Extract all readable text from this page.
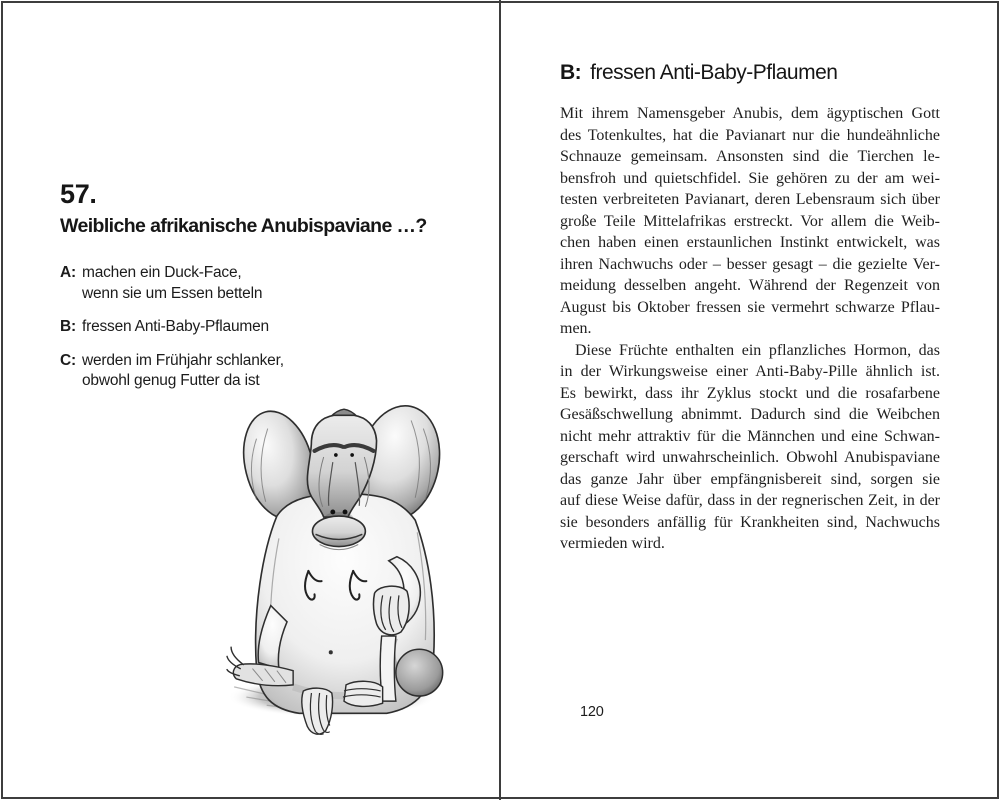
57.
Weibliche afrikanische Anubispaviane …?
A: machen ein Duck-Face,
wenn sie um Essen betteln
B: fressen Anti-Baby-Pflaumen
C: werden im Frühjahr schlanker,
obwohl genug Futter da ist
B: fressen Anti-Baby-Pflaumen
Mit ihrem Namensgeber Anubis, dem ägyptischen Gott
des Totenkultes, hat die Pavianart nur die hundeähnliche
Schnauze gemeinsam. Ansonsten sind die Tierchen le-
bensfroh und quietschfidel. Sie gehören zu der am wei-
testen verbreiteten Pavianart, deren Lebensraum sich über
große Teile Mittelafrikas erstreckt. Vor allem die Weib-
chen haben einen erstaunlichen Instinkt entwickelt, was
ihren Nachwuchs oder – besser gesagt – die gezielte Ver-
meidung desselben angeht. Während der Regenzeit von
August bis Oktober fressen sie vermehrt schwarze Pflau-
men.
Diese Früchte enthalten ein pflanzliches Hormon, das
in der Wirkungsweise einer Anti-Baby-Pille ähnlich ist.
Es bewirkt, dass ihr Zyklus stockt und die rosafarbene
Gesäßschwellung abnimmt. Dadurch sind die Weibchen
nicht mehr attraktiv für die Männchen und eine Schwan-
gerschaft wird unwahrscheinlich. Obwohl Anubispaviane
das ganze Jahr über empfängnisbereit sind, sorgen sie
auf diese Weise dafür, dass in der regnerischen Zeit, in der
sie besonders anfällig für Krankheiten sind, Nachwuchs
vermieden wird.
120
